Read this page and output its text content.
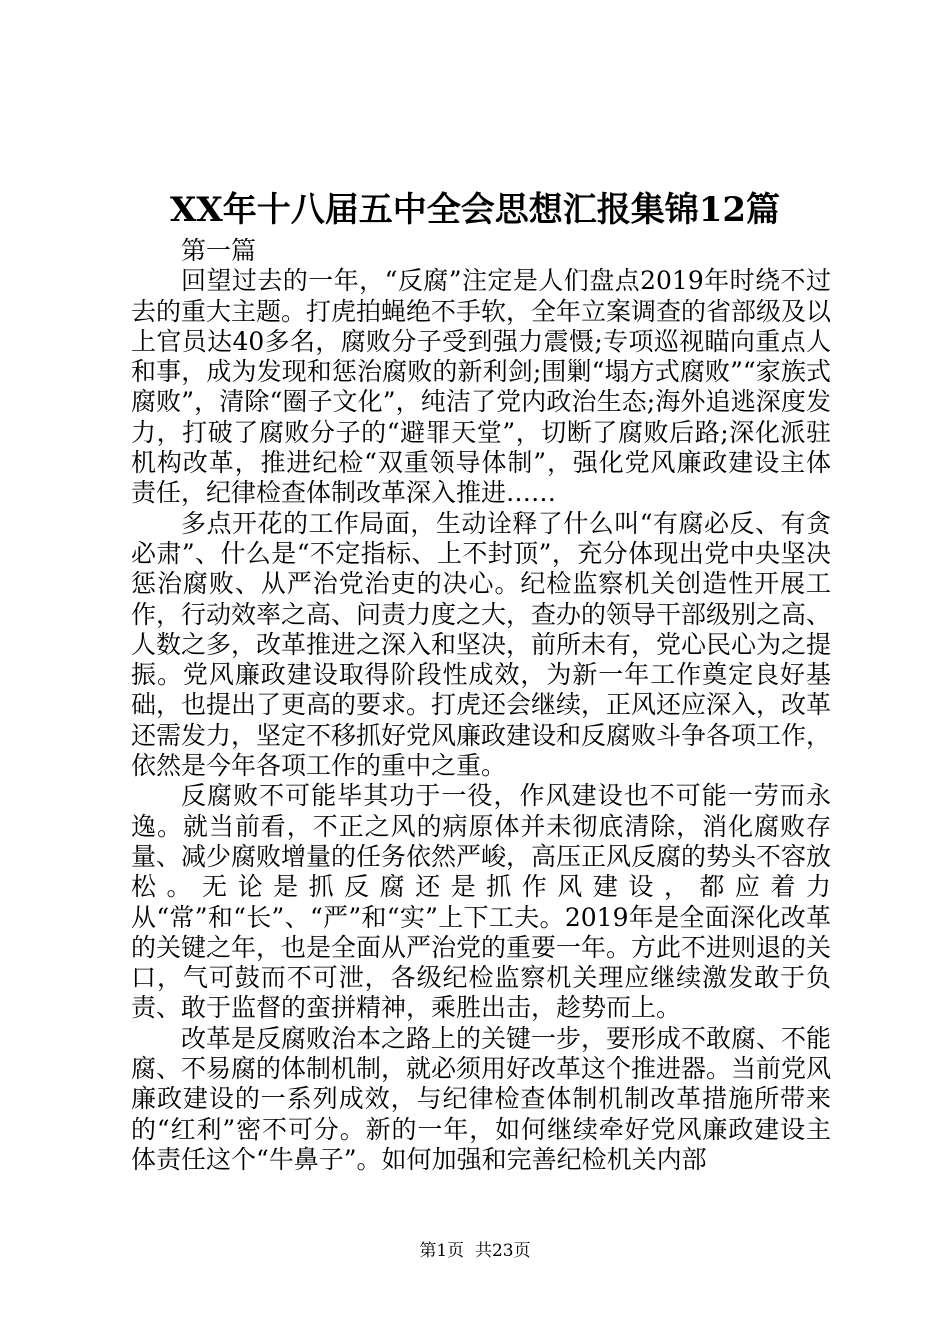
XX年十八届五中全会思想汇报集锦12篇

第一篇

回望过去的一年，“反腐”注定是人们盘点2019年时绕不过去的重大主题。打虎拍蝇绝不手软，全年立案调查的省部级及以上官员达40多名，腐败分子受到强力震慑;专项巡视瞄向重点人和事，成为发现和惩治腐败的新利剑;围剿“塌方式腐败”“家族式腐败”，清除“圈子文化”，纯洁了党内政治生态;海外追逃深度发力，打破了腐败分子的“避罪天堂”，切断了腐败后路;深化派驻机构改革，推进纪检“双重领导体制”，强化党风廉政建设主体责任，纪律检查体制改革深入推进……

多点开花的工作局面，生动诠释了什么叫“有腐必反、有贪必肃”、什么是“不定指标、上不封顶”，充分体现出党中央坚决惩治腐败、从严治党治吏的决心。纪检监察机关创造性开展工作，行动效率之高、问责力度之大，查办的领导干部级别之高、人数之多，改革推进之深入和坚决，前所未有，党心民心为之提振。党风廉政建设取得阶段性成效，为新一年工作奠定良好基础，也提出了更高的要求。打虎还会继续，正风还应深入，改革还需发力，坚定不移抓好党风廉政建设和反腐败斗争各项工作，依然是今年各项工作的重中之重。

反腐败不可能毕其功于一役，作风建设也不可能一劳而永逸。就当前看，不正之风的病原体并未彻底清除，消化腐败存量、减少腐败增量的任务依然严峻，高压正风反腐的势头不容放松。无论是抓反腐还是抓作风建设，都应着力从“常”和“长”、“严”和“实”上下工夫。2019年是全面深化改革的关键之年，也是全面从严治党的重要一年。方此不进则退的关口，气可鼓而不可泄，各级纪检监察机关理应继续激发敢于负责、敢于监督的蛮拼精神，乘胜出击，趁势而上。

改革是反腐败治本之路上的关键一步，要形成不敢腐、不能腐、不易腐的体制机制，就必须用好改革这个推进器。当前党风廉政建设的一系列成效，与纪律检查体制机制改革措施所带来的“红利”密不可分。新的一年，如何继续牵好党风廉政建设主体责任这个“牛鼻子”。如何加强和完善纪检机关内部

第1页  共23页
